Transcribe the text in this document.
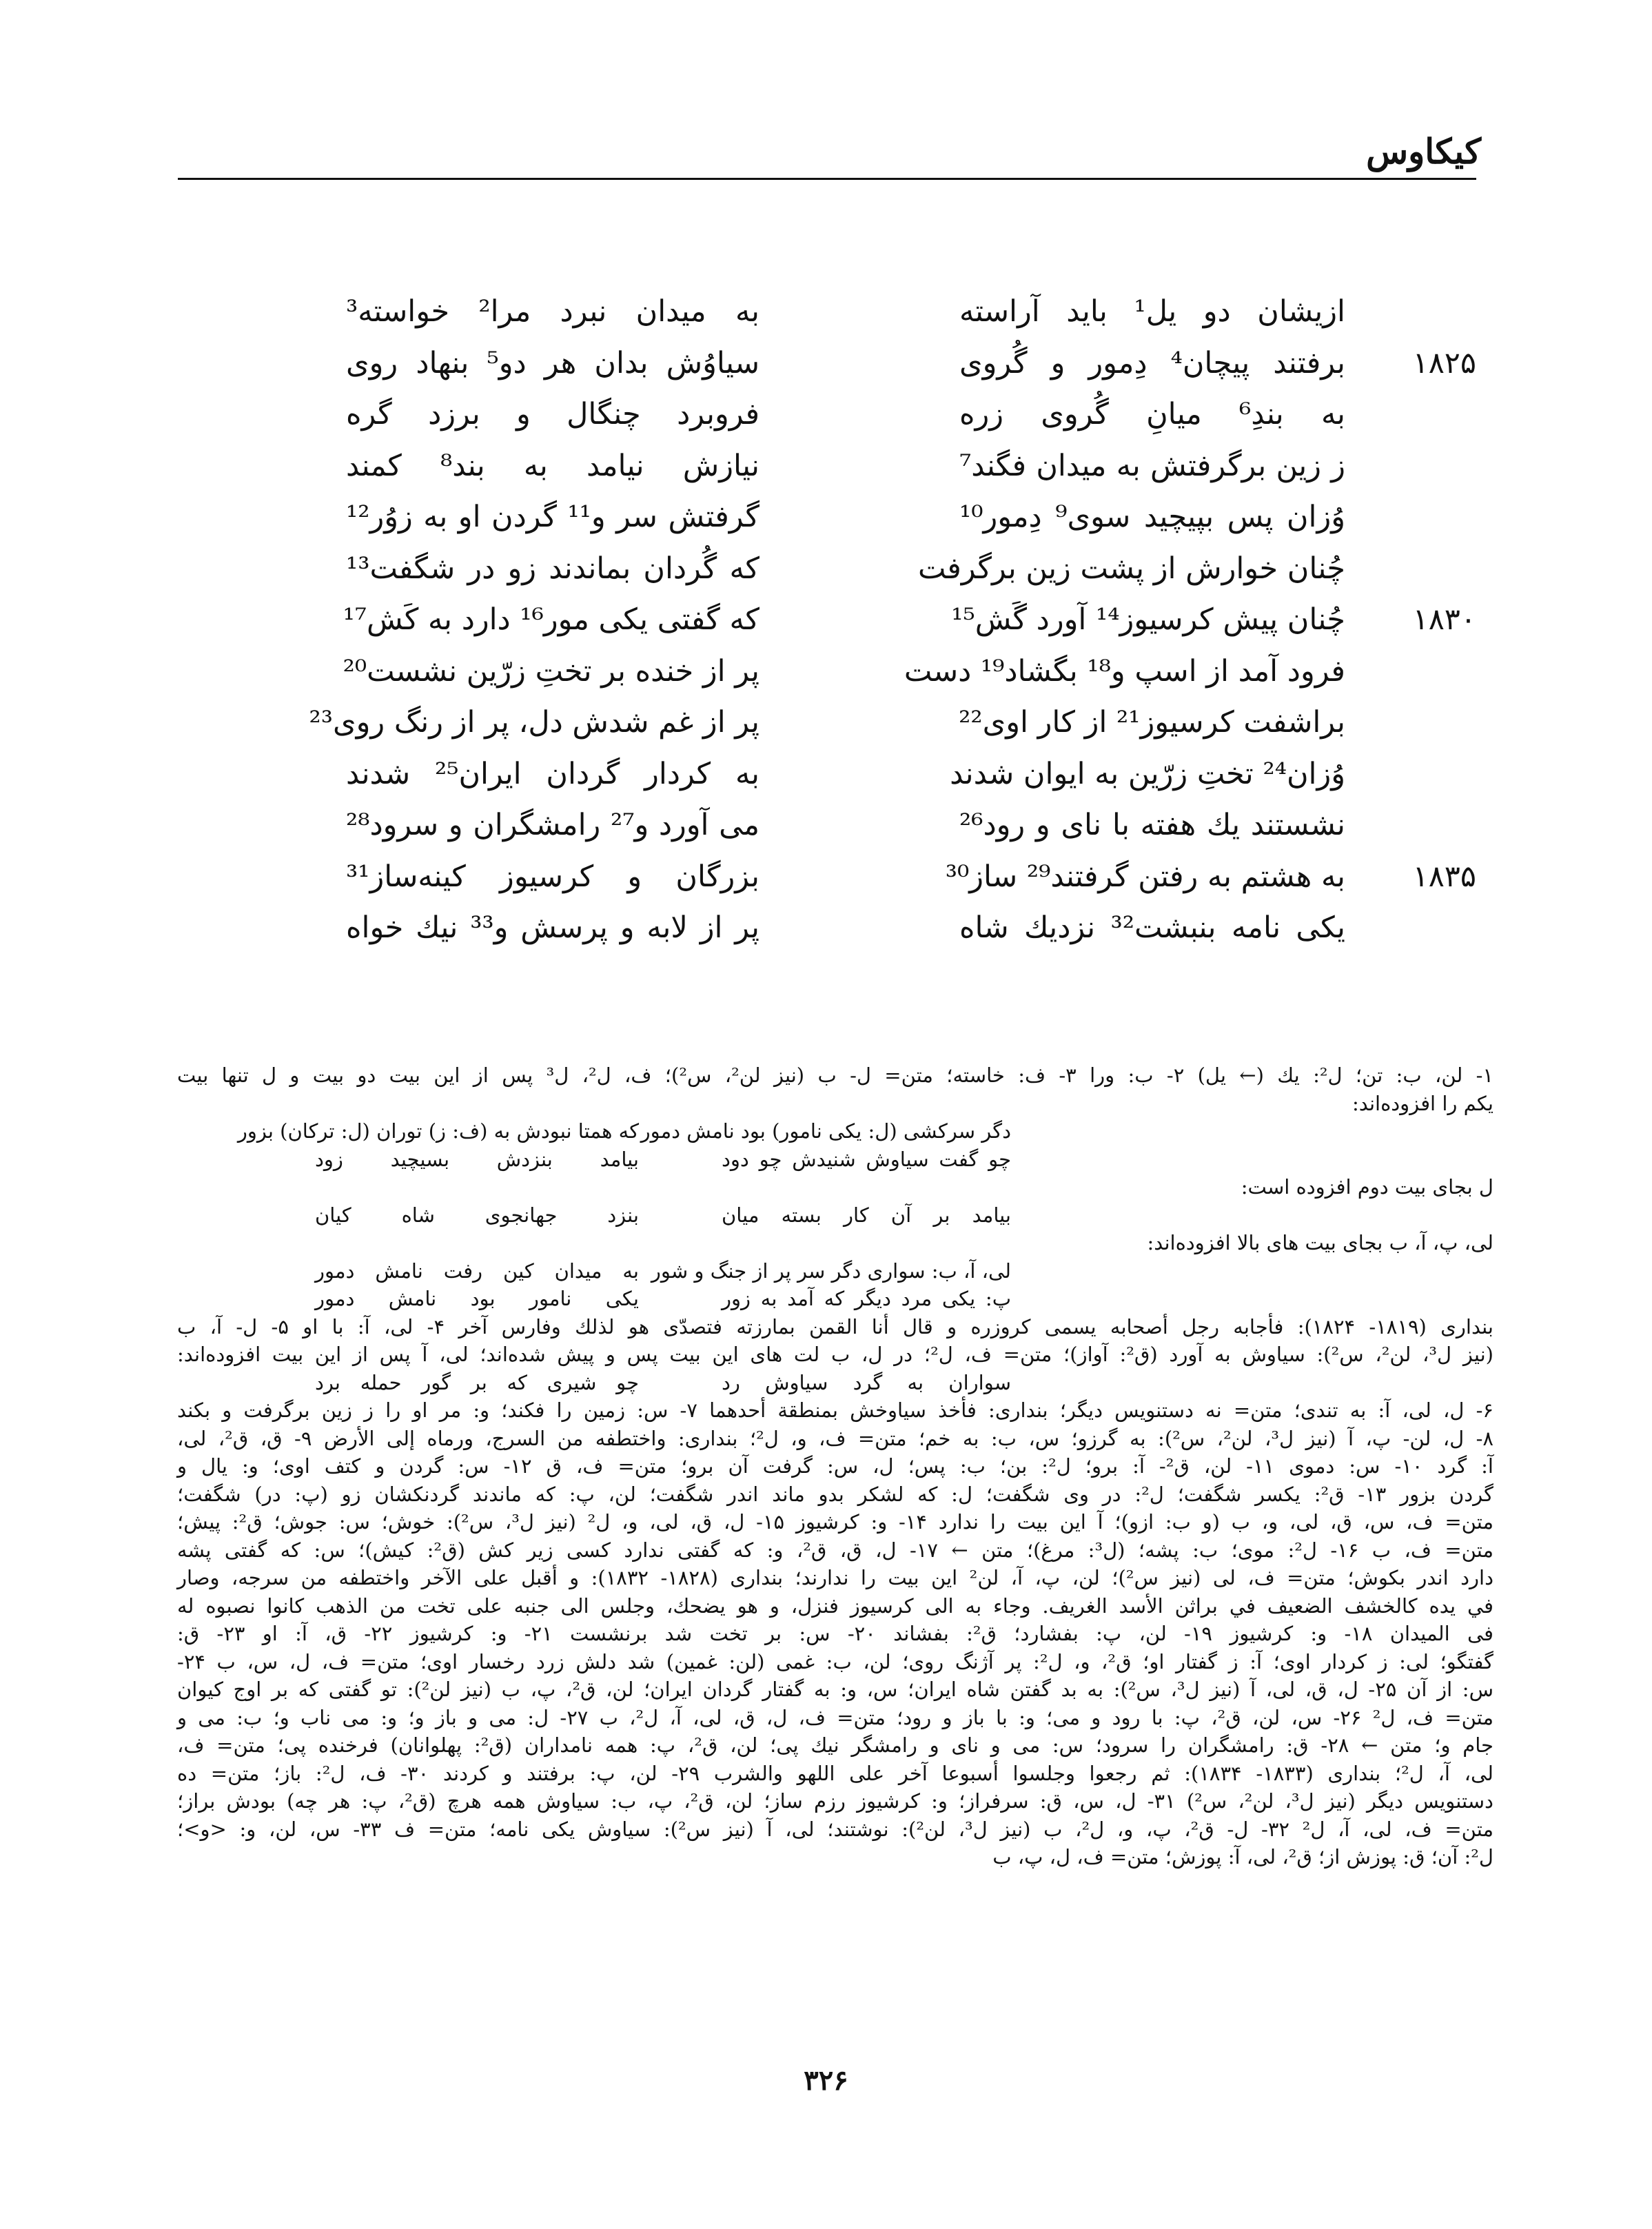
کیکاوس
ازیشان دو یل¹ باید آراسته
به میدان نبرد مرا² خواسته³
۱۸۲۵
برفتند پیچان⁴ دِمور و گُروی
سیاوُش بدان هر دو⁵ بنهاد روی
به بندِ⁶ میانِ گُروی زره
فروبرد چنگال و برزد گره
ز زین برگرفتش به میدان فگند⁷
نیازش نیامد به بند⁸ کمند
وُزان پس بپیچید سوی⁹ دِمور¹⁰
گرفتش سر و¹¹ گردن او به زوُر¹²
چُنان خوارش از پشت زین برگرفت
که گُردان بماندند زو در شگفت¹³
۱۸۳۰
چُنان پیش کرسیوز¹⁴ آورد گَش¹⁵
که گفتی یکی مور¹⁶ دارد به کَش¹⁷
فرود آمد از اسپ و¹⁸ بگشاد¹⁹ دست
پر از خنده بر تختِ زرّین نشست²⁰
براشفت کرسیوز²¹ از کار اوی²²
پر از غم شدش دل، پر از رنگ روی²³
وُزان²⁴ تختِ زرّین به ایوان شدند
به کردار گردان ایران²⁵ شدند
نشستند یك هفته با نای و رود²⁶
می آورد و²⁷ رامشگران و سرود²⁸
۱۸۳۵
به هشتم به رفتن گرفتند²⁹ ساز³⁰
بزرگان و کرسیوز کینه‌ساز³¹
یکی نامه بنبشت³² نزدیك شاه
پر از لابه و پرسش و³³ نیك خواه
۱- لن، ب: تن؛ ل²: یك (← یل) ۲- ب: ورا ۳- ف: خاسته؛ متن= ل- ب (نیز لن²، س²)؛ ف، ل²، ل³ پس از این بیت دو بیت و ل تنها بیت
یکم را افزوده‌اند:
دگر سرکشی (ل: یکی نامور) بود نامش دمور
که همتا نبودش به (ف: ز) توران (ل: ترکان) بزور
چو گفت سیاوش شنیدش چو دود
بیامد بنزدش بسیچید زود
ل بجای بیت دوم افزوده است:
بیامد بر آن کار بسته میان
بنزد جهانجوی شاه کیان
لی، پ، آ، ب بجای بیت های بالا افزوده‌اند:
لی، آ، ب: سواری دگر سر پر از جنگ و شور
به میدان کین رفت نامش دمور
پ: یکی مرد دیگر که آمد به زور
یکی نامور بود نامش دمور
بنداری (۱۸۱۹- ۱۸۲۴): فأجابه رجل أصحابه یسمی کروزره و قال أنا القمن بمارزته فتصدّی هو لذلك وفارس آخر ۴- لی، آ: با او ۵- ل- آ، ب
(نیز ل³، لن²، س²): سیاوش به آورد (ق²: آواز)؛ متن= ف، ل²؛ در ل، ب لت های این بیت پس و پیش شده‌اند؛ لی، آ پس از این بیت افزوده‌اند:
سواران به گرد سیاوش رد
چو شیری که بر گور حمله برد
۶- ل، لی، آ: به تندی؛ متن= نه دستنویس دیگر؛ بنداری: فأخذ سیاوخش بمنطقة أحدهما ۷- س: زمین را فکند؛ و: مر او را ز زین برگرفت و بکند
۸- ل، لن- پ، آ (نیز ل³، لن²، س²): به گرزو؛ س، ب: به خم؛ متن= ف، و، ل²؛ بنداری: واختطفه من السرج، ورماه إلی الأرض ۹- ق، ق²، لی،
آ: گرد ۱۰- س: دموی ۱۱- لن، ق²- آ: برو؛ ل²: بن؛ ب: پس؛ ل، س: گرفت آن برو؛ متن= ف، ق ۱۲- س: گردن و کتف اوی؛ و: یال و
گردن بزور ۱۳- ق²: یکسر شگفت؛ ل²: در وی شگفت؛ ل: که لشکر بدو ماند اندر شگفت؛ لن، پ: که ماندند گردنکشان زو (پ: در) شگفت؛
متن= ف، س، ق، لی، و، ب (و ب: ازو)؛ آ این بیت را ندارد ۱۴- و: کرشیوز ۱۵- ل، ق، لی، و، ل² (نیز ل³، س²): خوش؛ س: جوش؛ ق²: پیش؛
متن= ف، ب ۱۶- ل²: موی؛ ب: پشه؛ (ل³: مرغ)؛ متن ← ۱۷- ل، ق، ق²، و: که گفتی ندارد کسی زیر کش (ق²: کیش)؛ س: که گفتی پشه
دارد اندر بکوش؛ متن= ف، لی (نیز س²)؛ لن، پ، آ، لن² این بیت را ندارند؛ بنداری (۱۸۲۸- ۱۸۳۲): و أقبل علی الآخر واختطفه من سرجه، وصار
في يده كالخشف الضعيف في براثن الأسد الغريف. وجاء به الی کرسیوز فنزل، و هو یضحك، وجلس الی جنبه علی تخت من الذهب کانوا نصبوه له
فی المیدان ۱۸- و: کرشیوز ۱۹- لن، پ: بفشارد؛ ق²: بفشاند ۲۰- س: بر تخت شد برنشست ۲۱- و: کرشیوز ۲۲- ق، آ: او ۲۳- ق:
گفتگو؛ لی: ز کردار اوی؛ آ: ز گفتار او؛ ق²، و، ل²: پر آژنگ روی؛ لن، ب: غمی (لن: غمین) شد دلش زرد رخسار اوی؛ متن= ف، ل، س، ب ۲۴-
س: از آن ۲۵- ل، ق، لی، آ (نیز ل³، س²): به بد گفتن شاه ایران؛ س، و: به گفتار گردان ایران؛ لن، ق²، پ، ب (نیز لن²): تو گفتی که بر اوج کیوان
متن= ف، ل² ۲۶- س، لن، ق²، پ: با رود و می؛ و: با باز و رود؛ متن= ف، ل، ق، لی، آ، ل²، ب ۲۷- ل: می و باز و؛ و: می ناب و؛ ب: می و
جام و؛ متن ← ۲۸- ق: رامشگران را سرود؛ س: می و نای و رامشگر نیك پی؛ لن، ق²، پ: همه نامداران (ق²: پهلوانان) فرخنده پی؛ متن= ف،
لی، آ، ل²؛ بنداری (۱۸۳۳- ۱۸۳۴): ثم رجعوا وجلسوا أسبوعا آخر علی اللهو والشرب ۲۹- لن، پ: برفتند و کردند ۳۰- ف، ل²: باز؛ متن= ده
دستنویس دیگر (نیز ل³، لن²، س²) ۳۱- ل، س، ق: سرفراز؛ و: کرشیوز رزم ساز؛ لن، ق²، پ، ب: سیاوش همه هرچ (ق²، پ: هر چه) بودش براز؛
متن= ف، لی، آ، ل² ۳۲- ل- ق²، پ، و، ل²، ب (نیز ل³، لن²): نوشتند؛ لی، آ (نیز س²): سیاوش یکی نامه؛ متن= ف ۳۳- س، لن، و: <و>؛
ل²: آن؛ ق: پوزش از؛ ق²، لی، آ: پوزش؛ متن= ف، ل، پ، ب
۳۲۶
